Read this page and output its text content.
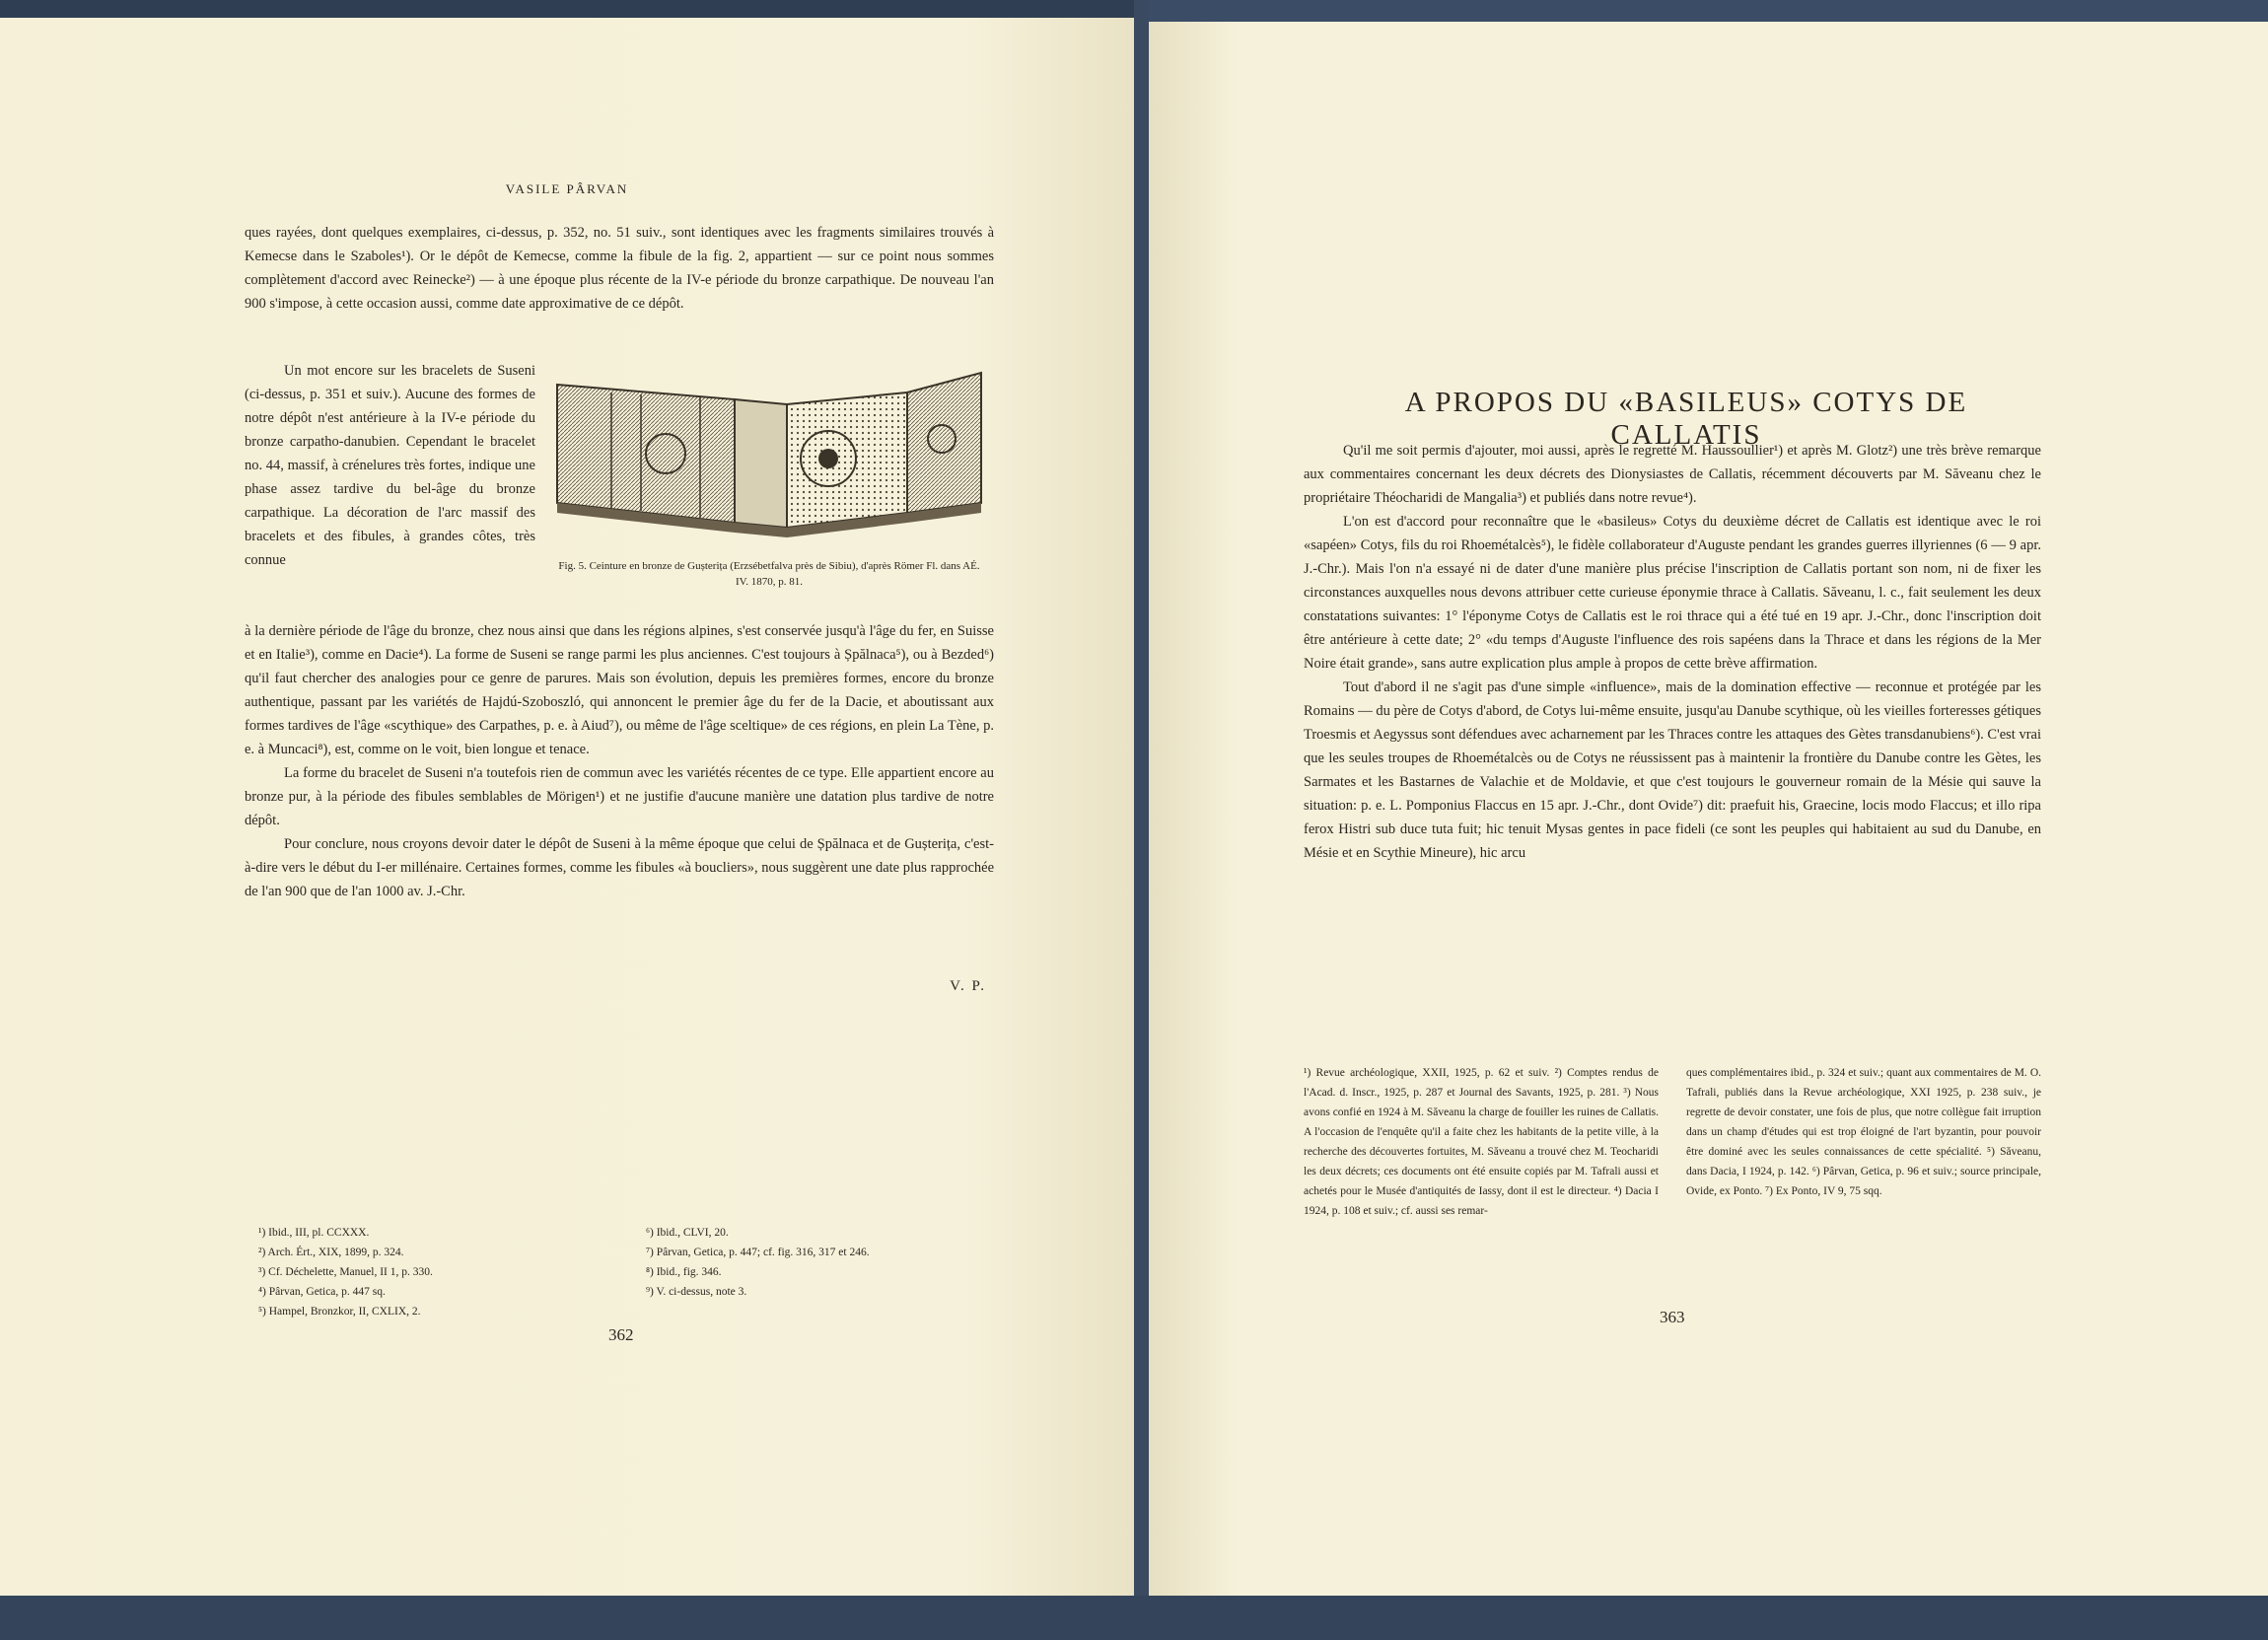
VASILE PÂRVAN

ques rayées, dont quelques exemplaires, ci-dessus, p. 352, no. 51 suiv., sont identiques avec les fragments similaires trouvés à Kemecse dans le Szaboles¹). Or le dépôt de Kemecse, comme la fibule de la fig. 2, appartient — sur ce point nous sommes complètement d'accord avec Reinecke²) — à une époque plus récente de la IV-e période du bronze carpathique. De nouveau l'an 900 s'impose, à cette occasion aussi, comme date approximative de ce dépôt.

Un mot encore sur les bracelets de Suseni (ci-dessus, p. 351 et suiv.). Aucune des formes de notre dépôt n'est antérieure à la IV-e période du bronze carpatho-danubien. Cependant le bracelet no. 44, massif, à crénelures très fortes, indique une phase assez tardive du bel-âge du bronze carpathique. La décoration de l'arc massif des bracelets et des fibules, à grandes côtes, très connue	Fig. 5. Ceinture en bronze de Gușterița (Erzsébetfalva près de Sibiu), d'après Römer Fl. dans AÉ. IV. 1870, p. 81.

à la dernière période de l'âge du bronze, chez nous ainsi que dans les régions alpines, s'est conservée jusqu'à l'âge du fer, en Suisse et en Italie³), comme en Dacie⁴). La forme de Suseni se range parmi les plus anciennes. C'est toujours à Șpălnaca⁵), ou à Bezded⁶) qu'il faut chercher des analogies pour ce genre de parures. Mais son évolution, depuis les premières formes, encore du bronze authentique, passant par les variétés de Hajdú-Szoboszló, qui annoncent le premier âge du fer de la Dacie, et aboutissant aux formes tardives de l'âge «scythique» des Carpathes, p. e. à Aiud⁷), ou même de l'âge sceltique» de ces régions, en plein La Tène, p. e. à Muncaci⁸), est, comme on le voit, bien longue et tenace.

La forme du bracelet de Suseni n'a toutefois rien de commun avec les variétés récentes de ce type. Elle appartient encore au bronze pur, à la période des fibules semblables de Mörigen¹) et ne justifie d'aucune manière une datation plus tardive de notre dépôt.

Pour conclure, nous croyons devoir dater le dépôt de Suseni à la même époque que celui de Șpălnaca et de Gușterița, c'est-à-dire vers le début du I-er millénaire. Certaines formes, comme les fibules «à boucliers», nous suggèrent une date plus rapprochée de l'an 900 que de l'an 1000 av. J.-Chr.

V. P.
¹) Ibid., III, pl. CCXXX.
²) Arch. Ért., XIX, 1899, p. 324.
³) Cf. Déchelette, Manuel, II 1, p. 330.
⁴) Pârvan, Getica, p. 447 sq.
⁵) Hampel, Bronzkor, II, CXLIX, 2.
⁶) Ibid., CLVI, 20.
⁷) Pârvan, Getica, p. 447; cf. fig. 316, 317 et 246.
⁸) Ibid., fig. 346.
⁹) V. ci-dessus, note 3.
362
A PROPOS DU «BASILEUS» COTYS DE CALLATIS

Qu'il me soit permis d'ajouter, moi aussi, après le regretté M. Haussoullier¹) et après M. Glotz²) une très brève remarque aux commentaires concernant les deux décrets des Dionysiastes de Callatis, récemment découverts par M. Săveanu chez le propriétaire Théocharidi de Mangalia³) et publiés dans notre revue⁴).

L'on est d'accord pour reconnaître que le «basileus» Cotys du deuxième décret de Callatis est identique avec le roi «sapéen» Cotys, fils du roi Rhoemétalcès⁵), le fidèle collaborateur d'Auguste pendant les grandes guerres illyriennes (6 — 9 apr. J.-Chr.). Mais l'on n'a essayé ni de dater d'une manière plus précise l'inscription de Callatis portant son nom, ni de fixer les circonstances auxquelles nous devons attribuer cette curieuse éponymie thrace à Callatis. Săveanu, l. c., fait seulement les deux constatations suivantes: 1° l'éponyme Cotys de Callatis est le roi thrace qui a été tué en 19 apr. J.-Chr., donc l'inscription doit être antérieure à cette date; 2° «du temps d'Auguste l'influence des rois sapéens dans la Thrace et dans les régions de la Mer Noire était grande», sans autre explication plus ample à propos de cette brève affirmation.

Tout d'abord il ne s'agit pas d'une simple «influence», mais de la domination effective — reconnue et protégée par les Romains — du père de Cotys d'abord, de Cotys lui-même ensuite, jusqu'au Danube scythique, où les vieilles forteresses gétiques Troesmis et Aegyssus sont défendues avec acharnement par les Thraces contre les attaques des Gètes transdanubiens⁶). C'est vrai que les seules troupes de Rhoemétalcès ou de Cotys ne réussissent pas à maintenir la frontière du Danube contre les Gètes, les Sarmates et les Bastarnes de Valachie et de Moldavie, et que c'est toujours le gouverneur romain de la Mésie qui sauve la situation: p. e. L. Pomponius Flaccus en 15 apr. J.-Chr., dont Ovide⁷) dit: praefuit his, Graecine, locis modo Flaccus; et illo ripa ferox Histri sub duce tuta fuit; hic tenuit Mysas gentes in pace fideli (ce sont les peuples qui habitaient au sud du Danube, en Mésie et en Scythie Mineure), hic arcu

¹) Revue archéologique, XXII, 1925, p. 62 et suiv. ²) Comptes rendus de l'Acad. d. Inscr., 1925, p. 287 et Journal des Savants, 1925, p. 281. ³) Nous avons confié en 1924 à M. Săveanu la charge de fouiller les ruines de Callatis. A l'occasion de l'enquête qu'il a faite chez les habitants de la petite ville, à la recherche des découvertes fortuites, M. Săveanu a trouvé chez M. Teocharidi les deux décrets; ces documents ont été ensuite copiés par M. Tafrali aussi et achetés pour le Musée d'antiquités de Iassy, dont il est le directeur. ⁴) Dacia I 1924, p. 108 et suiv.; cf. aussi ses remar-

ques complémentaires ibid., p. 324 et suiv.; quant aux commentaires de M. O. Tafrali, publiés dans la Revue archéologique, XXI 1925, p. 238 suiv., je regrette de devoir constater, une fois de plus, que notre collègue fait irruption dans un champ d'études qui est trop éloigné de l'art byzantin, pour pouvoir être dominé avec les seules connaissances de cette spécialité. ⁵) Săveanu, dans Dacia, I 1924, p. 142. ⁶) Pârvan, Getica, p. 96 et suiv.; source principale, Ovide, ex Ponto. ⁷) Ex Ponto, IV 9, 75 sqq.

363
